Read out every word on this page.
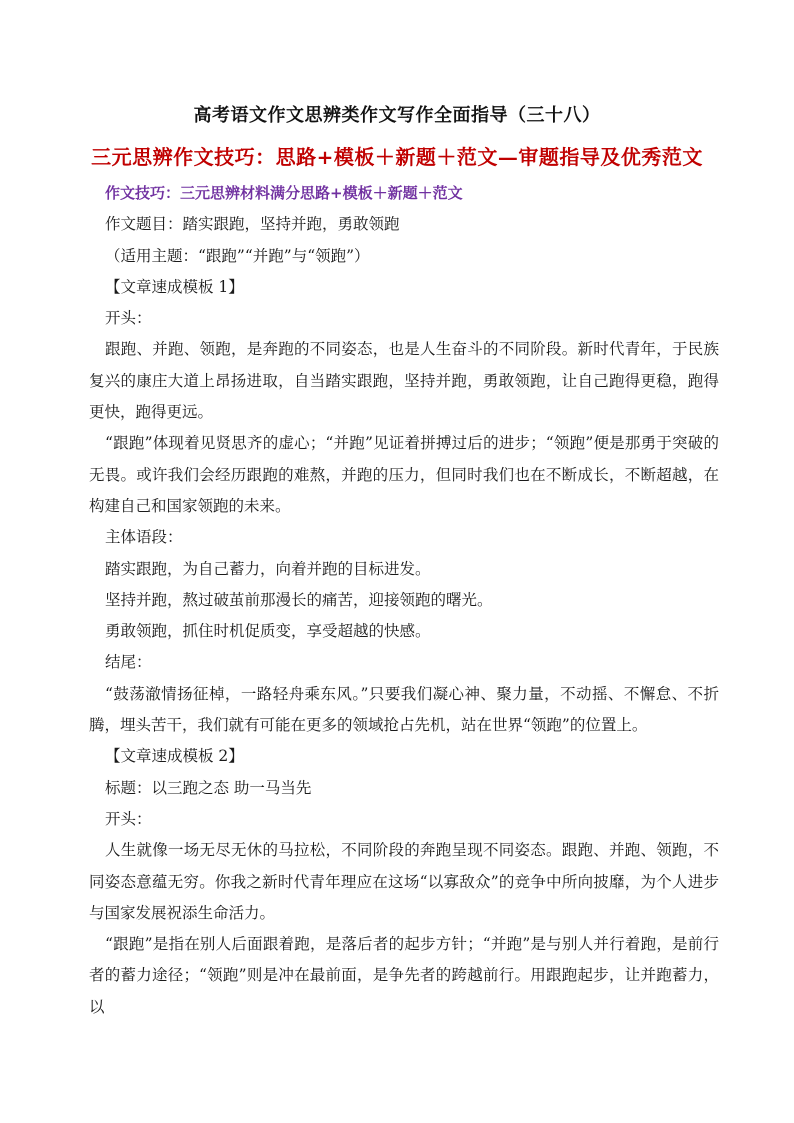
高考语文作文思辨类作文写作全面指导（三十八）
三元思辨作文技巧：思路+模板＋新题＋范文—审题指导及优秀范文

作文技巧：三元思辨材料满分思路+模板＋新题＋范文

作文题目：踏实跟跑，坚持并跑，勇敢领跑

（适用主题：“跟跑”“并跑”与“领跑”）

【文章速成模板 1】

开头：

跟跑、并跑、领跑，是奔跑的不同姿态，也是人生奋斗的不同阶段。新时代青年，于民族复兴的康庄大道上昂扬进取，自当踏实跟跑，坚持并跑，勇敢领跑，让自己跑得更稳，跑得更快，跑得更远。

“跟跑”体现着见贤思齐的虚心；“并跑”见证着拼搏过后的进步；“领跑”便是那勇于突破的无畏。或许我们会经历跟跑的难熬，并跑的压力，但同时我们也在不断成长，不断超越，在构建自己和国家领跑的未来。

主体语段：

踏实跟跑，为自己蓄力，向着并跑的目标进发。

坚持并跑，熬过破茧前那漫长的痛苦，迎接领跑的曙光。

勇敢领跑，抓住时机促质变，享受超越的快感。

结尾：

“鼓荡澈情扬征棹，一路轻舟乘东风。”只要我们凝心神、聚力量，不动摇、不懈怠、不折腾，埋头苦干，我们就有可能在更多的领域抢占先机，站在世界“领跑”的位置上。

【文章速成模板 2】

标题：以三跑之态 助一马当先

开头：

人生就像一场无尽无休的马拉松，不同阶段的奔跑呈现不同姿态。跟跑、并跑、领跑，不同姿态意蕴无穷。你我之新时代青年理应在这场“以寡敌众”的竞争中所向披靡，为个人进步与国家发展祝添生命活力。

“跟跑”是指在别人后面跟着跑，是落后者的起步方针；“并跑”是与别人并行着跑，是前行者的蓄力途径；“领跑”则是冲在最前面，是争先者的跨越前行。用跟跑起步，让并跑蓄力，以
